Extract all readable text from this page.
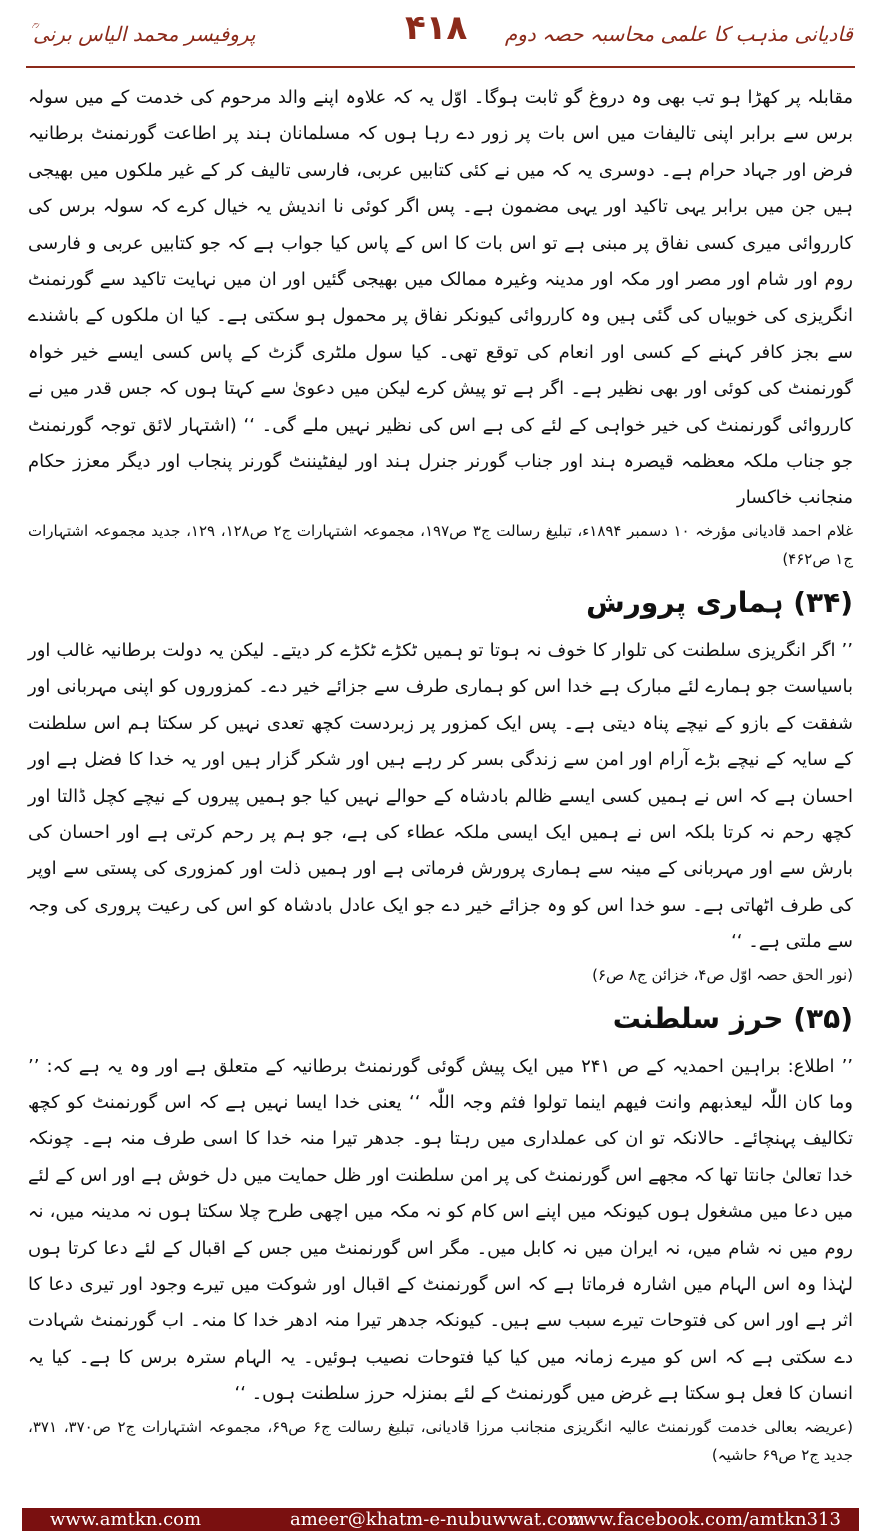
قادیانی مذہب کا علمی محاسبہ حصہ دوم
۴۱۸
پروفیسر محمد الیاس برنی ؒ

مقابلہ پر کھڑا ہو تب بھی وہ دروغ گو ثابت ہوگا۔ اوّل یہ کہ علاوہ اپنے والد مرحوم کی خدمت کے میں سولہ برس سے برابر اپنی تالیفات میں اس بات پر زور دے رہا ہوں کہ مسلمانان ہند پر اطاعت گورنمنٹ برطانیہ فرض اور جہاد حرام ہے۔ دوسری یہ کہ میں نے کئی کتابیں عربی، فارسی تالیف کر کے غیر ملکوں میں بھیجی ہیں جن میں برابر یہی تاکید اور یہی مضمون ہے۔ پس اگر کوئی نا اندیش یہ خیال کرے کہ سولہ برس کی کارروائی میری کسی نفاق پر مبنی ہے تو اس بات کا اس کے پاس کیا جواب ہے کہ جو کتابیں عربی و فارسی روم اور شام اور مصر اور مکہ اور مدینہ وغیرہ ممالک میں بھیجی گئیں اور ان میں نہایت تاکید سے گورنمنٹ انگریزی کی خوبیاں کی گئی ہیں وہ کارروائی کیونکر نفاق پر محمول ہو سکتی ہے۔ کیا ان ملکوں کے باشندے سے بجز کافر کہنے کے کسی اور انعام کی توقع تھی۔ کیا سول ملٹری گزٹ کے پاس کسی ایسے خیر خواہ گورنمنٹ کی کوئی اور بھی نظیر ہے۔ اگر ہے تو پیش کرے لیکن میں دعویٰ سے کہتا ہوں کہ جس قدر میں نے کارروائی گورنمنٹ کی خیر خواہی کے لئے کی ہے اس کی نظیر نہیں ملے گی۔ ‘‘ (اشتہار لائق توجہ گورنمنٹ جو جناب ملکہ معظمہ قیصرہ ہند اور جناب گورنر جنرل ہند اور لیفٹیننٹ گورنر پنجاب اور دیگر معزز حکام منجانب خاکسار

غلام احمد قادیانی مؤرخہ ۱۰ دسمبر ۱۸۹۴ء، تبلیغ رسالت ج۳ ص۱۹۷، مجموعہ اشتہارات ج۲ ص۱۲۸، ۱۲۹، جدید مجموعہ اشتہارات ج۱ ص۴۶۲)

(۳۴) ہماری پرورش

’’ اگر انگریزی سلطنت کی تلوار کا خوف نہ ہوتا تو ہمیں ٹکڑے ٹکڑے کر دیتے۔ لیکن یہ دولت برطانیہ غالب اور باسیاست جو ہمارے لئے مبارک ہے خدا اس کو ہماری طرف سے جزائے خیر دے۔ کمزوروں کو اپنی مہربانی اور شفقت کے بازو کے نیچے پناہ دیتی ہے۔ پس ایک کمزور پر زبردست کچھ تعدی نہیں کر سکتا ہم اس سلطنت کے سایہ کے نیچے بڑے آرام اور امن سے زندگی بسر کر رہے ہیں اور شکر گزار ہیں اور یہ خدا کا فضل ہے اور احسان ہے کہ اس نے ہمیں کسی ایسے ظالم بادشاہ کے حوالے نہیں کیا جو ہمیں پیروں کے نیچے کچل ڈالتا اور کچھ رحم نہ کرتا بلکہ اس نے ہمیں ایک ایسی ملکہ عطاء کی ہے، جو ہم پر رحم کرتی ہے اور احسان کی بارش سے اور مہربانی کے مینہ سے ہماری پرورش فرماتی ہے اور ہمیں ذلت اور کمزوری کی پستی سے اوپر کی طرف اٹھاتی ہے۔ سو خدا اس کو وہ جزائے خیر دے جو ایک عادل بادشاہ کو اس کی رعیت پروری کی وجہ سے ملتی ہے۔ ‘‘

(نور الحق حصہ اوّل ص۴، خزائن ج۸ ص۶)

(۳۵) حرز سلطنت

’’ اطلاع: براہین احمدیہ کے ص ۲۴۱ میں ایک پیش گوئی گورنمنٹ برطانیہ کے متعلق ہے اور وہ یہ ہے کہ: ’’ وما کان اللّٰہ لیعذبھم وانت فیھم اینما تولوا فثم وجہ اللّٰہ ‘‘ یعنی خدا ایسا نہیں ہے کہ اس گورنمنٹ کو کچھ تکالیف پہنچائے۔ حالانکہ تو ان کی عملداری میں رہتا ہو۔ جدھر تیرا منہ خدا کا اسی طرف منہ ہے۔ چونکہ خدا تعالیٰ جانتا تھا کہ مجھے اس گورنمنٹ کی پر امن سلطنت اور ظل حمایت میں دل خوش ہے اور اس کے لئے میں دعا میں مشغول ہوں کیونکہ میں اپنے اس کام کو نہ مکہ میں اچھی طرح چلا سکتا ہوں نہ مدینہ میں، نہ روم میں نہ شام میں، نہ ایران میں نہ کابل میں۔ مگر اس گورنمنٹ میں جس کے اقبال کے لئے دعا کرتا ہوں لہٰذا وہ اس الہام میں اشارہ فرماتا ہے کہ اس گورنمنٹ کے اقبال اور شوکت میں تیرے وجود اور تیری دعا کا اثر ہے اور اس کی فتوحات تیرے سبب سے ہیں۔ کیونکہ جدھر تیرا منہ ادھر خدا کا منہ۔ اب گورنمنٹ شہادت دے سکتی ہے کہ اس کو میرے زمانہ میں کیا کیا فتوحات نصیب ہوئیں۔ یہ الہام سترہ برس کا ہے۔ کیا یہ انسان کا فعل ہو سکتا ہے غرض میں گورنمنٹ کے لئے بمنزلہ حرز سلطنت ہوں۔ ‘‘

(عریضہ بعالی خدمت گورنمنٹ عالیہ انگریزی منجانب مرزا قادیانی، تبلیغ رسالت ج۶ ص۶۹، مجموعہ اشتہارات ج۲ ص۳۷۰، ۳۷۱، جدید ج۲ ص۶۹ حاشیہ)

www.amtkn.com	ameer@khatm-e-nubuwwat.com
www.facebook.com/amtkn313
